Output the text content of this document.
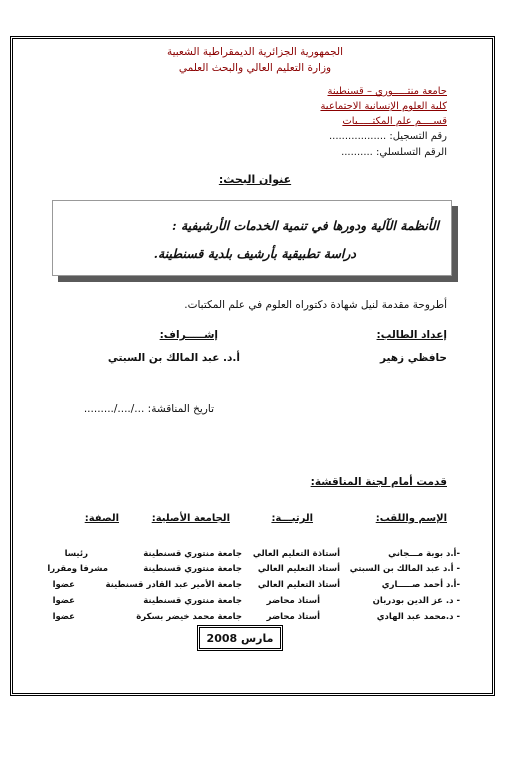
الجمهورية الجزائرية الديمقراطية الشعبية
وزارة التعليم العالي والبحث العلمي
جامعة منتـــــوري – قسنطينة
كلية العلوم الإنسانية الاجتماعية
قســــم علم المكتـــــبات
رقم التسجيل: ..................
الرقم التسلسلي: ..........
عنوان البحث:
الأنظمة الآلية ودورها في تنمية الخدمات الأرشيفية :
دراسة تطبيقية بأرشيف بلدية قسنطينة.
أطروحة مقدمة لنيل شهادة دكتوراه العلوم في علم المكتبات.
إعداد الطالب:
حافظي زهير
إشـــــراف:
أ.د. عبد المالك بن السبتي
تاريخ المناقشة: .../..../.........
قدمت أمام لجنة المناقشة:
الإسم واللقب:
الرتبـــة:
الجامعة الأصلية:
الصفة:
-أ.د بوبة مـــجاني
أستاذة التعليم العالي
جامعة منتوري قسنطينة
رئيسا
- أ.د عبد المالك بن السبتي
أستاذ التعليم العالي
جامعة منتوري قسنطينة
مشرفا ومقررا
-أ.د أحمد صـــــاري
أستاذ التعليم العالي
جامعة الأمير عبد القادر قسنطينة
عضوا
- د. عز الدين بودربان
أستاذ محاضر
جامعة منتوري قسنطينة
عضوا
- د.محمد عبد الهادي
أستاذ محاضر
جامعة محمد خيضر بسكرة
عضوا
مارس 2008
